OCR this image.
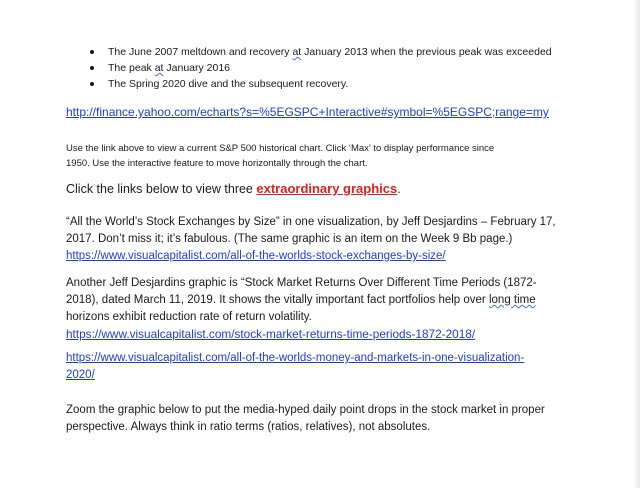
The June 2007 meltdown and recovery at January 2013 when the previous peak was exceeded
The peak at January 2016
The Spring 2020 dive and the subsequent recovery.
http://finance.yahoo.com/echarts?s=%5EGSPC+Interactive#symbol=%5EGSPC;range=my
Use the link above to view a current S&P 500 historical chart. Click ‘Max’ to display performance since
1950. Use the interactive feature to move horizontally through the chart.
Click the links below to view three extraordinary graphics.
“All the World’s Stock Exchanges by Size” in one visualization, by Jeff Desjardins – February 17,
2017. Don’t miss it; it’s fabulous. (The same graphic is an item on the Week 9 Bb page.)
https://www.visualcapitalist.com/all-of-the-worlds-stock-exchanges-by-size/
Another Jeff Desjardins graphic is “Stock Market Returns Over Different Time Periods (1872-
2018), dated March 11, 2019. It shows the vitally important fact portfolios help over long time
horizons exhibit reduction rate of return volatility.
https://www.visualcapitalist.com/stock-market-returns-time-periods-1872-2018/
https://www.visualcapitalist.com/all-of-the-worlds-money-and-markets-in-one-visualization-
2020/
Zoom the graphic below to put the media-hyped daily point drops in the stock market in proper
perspective. Always think in ratio terms (ratios, relatives), not absolutes.
